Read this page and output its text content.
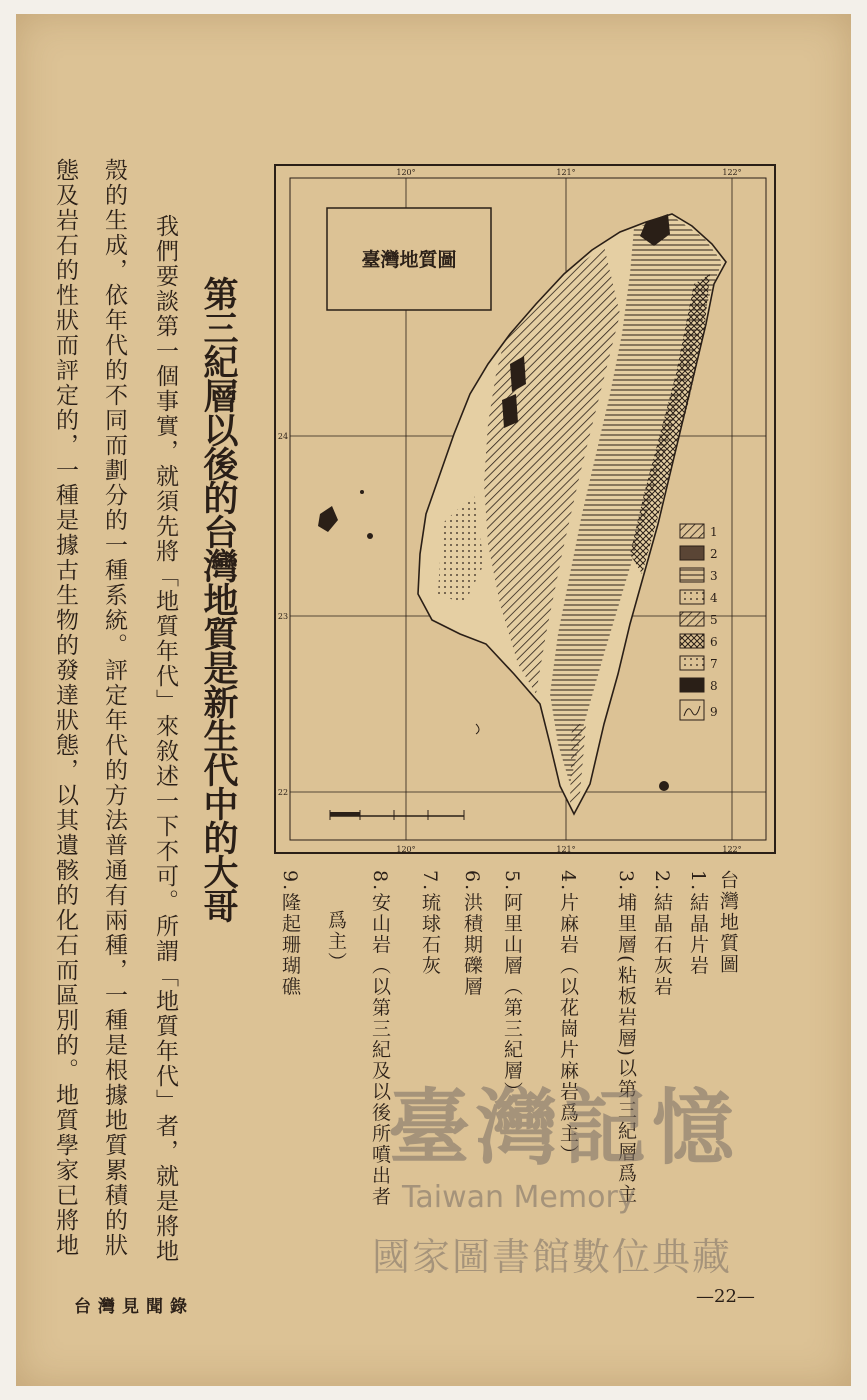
120°	121°	122°
120°	121°	122°
24
23
22
臺灣地質圖
1
2
3
4
5
6
7
8
9
第三紀層以後的台灣地質是新生代中的大哥
我們要談第一個事實，就須先將「地質年代」來敘述一下不可。所謂「地質年代」者，就是將地
殼的生成，依年代的不同而劃分的一種系統。評定年代的方法普通有兩種，一種是根據地質累積的狀
態及岩石的性狀而評定的，一種是據古生物的發達狀態，以其遺骸的化石而區別的。地質學家已將地	台灣地質圖
1.結晶片岩
2.結晶石灰岩
3.埔里層(粘板岩層)以第三紀層爲主
4.片麻岩（以花崗片麻岩爲主）
5.阿里山層（第三紀層）
6.洪積期礫層
7.琉球石灰
8.安山岩（以第三紀及以後所噴出者
爲主）
9.隆起珊瑚礁
台灣見聞錄	—22—
臺灣記憶
Taiwan Memory
國家圖書館數位典藏
